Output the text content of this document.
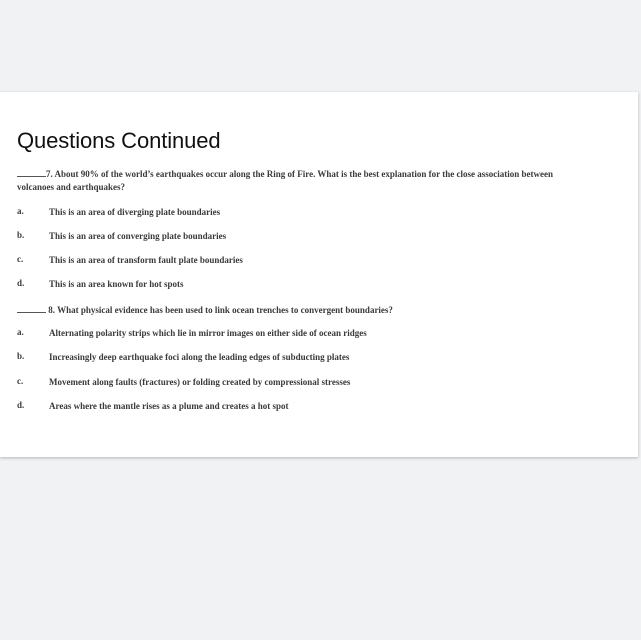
Questions Continued
7. About 90% of the world’s earthquakes occur along the Ring of Fire. What is the best explanation for the close association between
volcanoes and earthquakes?
a.	This is an area of diverging plate boundaries
b.	This is an area of converging plate boundaries
c.	This is an area of transform fault plate boundaries
d.	This is an area known for hot spots
8. What physical evidence has been used to link ocean trenches to convergent boundaries?
a.	Alternating polarity strips which lie in mirror images on either side of ocean ridges
b.	Increasingly deep earthquake foci along the leading edges of subducting plates
c.	Movement along faults (fractures) or folding created by compressional stresses
d.	Areas where the mantle rises as a plume and creates a hot spot
